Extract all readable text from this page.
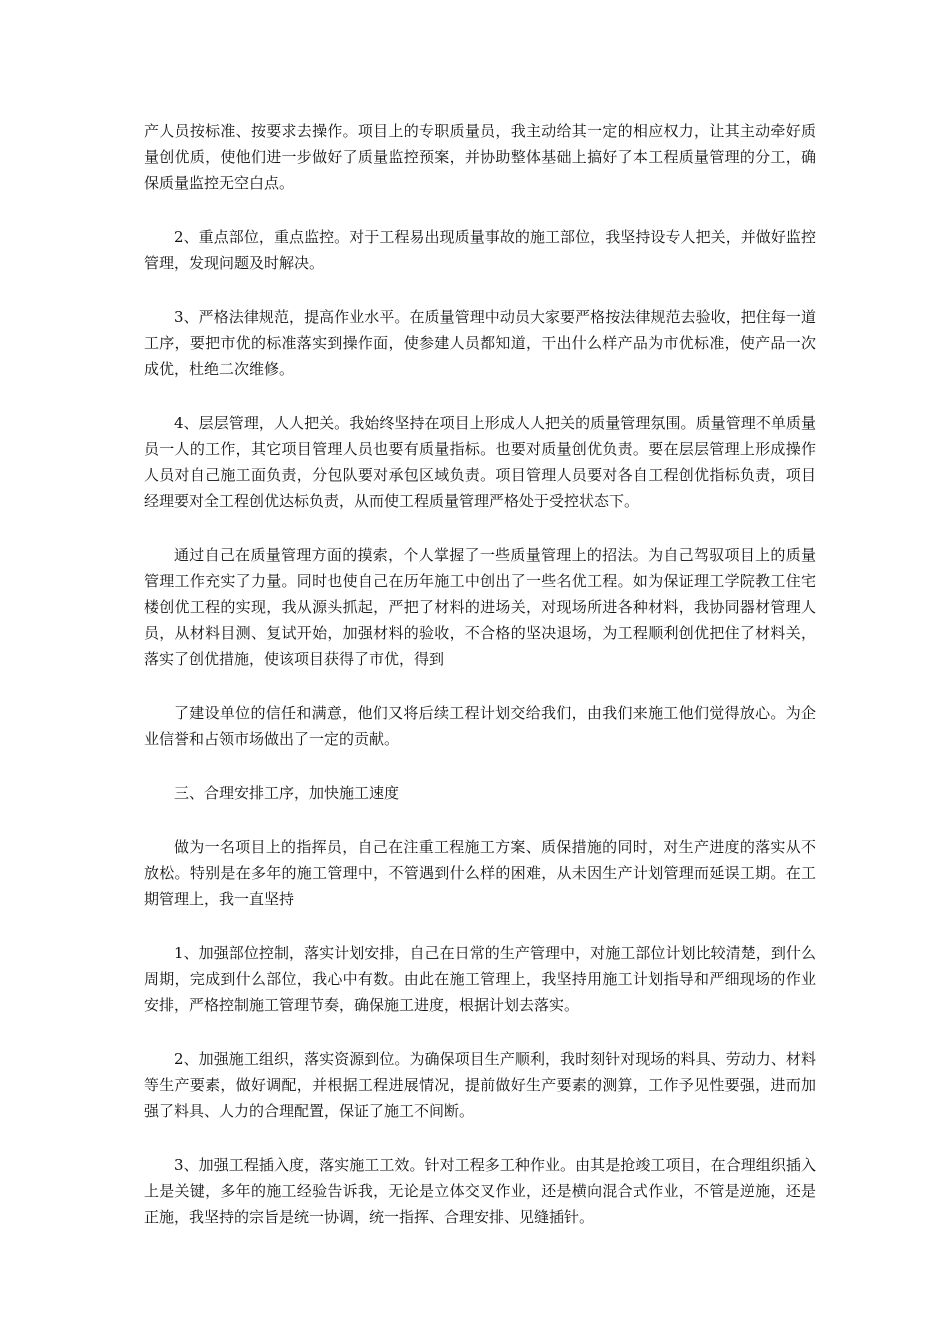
产人员按标准、按要求去操作。项目上的专职质量员，我主动给其一定的相应权力，让其主动牵好质量创优质，使他们进一步做好了质量监控预案，并协助整体基础上搞好了本工程质量管理的分工，确保质量监控无空白点。

2、重点部位，重点监控。对于工程易出现质量事故的施工部位，我坚持设专人把关，并做好监控管理，发现问题及时解决。

3、严格法律规范，提高作业水平。在质量管理中动员大家要严格按法律规范去验收，把住每一道工序，要把市优的标准落实到操作面，使参建人员都知道，干出什么样产品为市优标准，使产品一次成优，杜绝二次维修。

4、层层管理，人人把关。我始终坚持在项目上形成人人把关的质量管理氛围。质量管理不单质量员一人的工作，其它项目管理人员也要有质量指标。也要对质量创优负责。要在层层管理上形成操作人员对自己施工面负责，分包队要对承包区域负责。项目管理人员要对各自工程创优指标负责，项目经理要对全工程创优达标负责，从而使工程质量管理严格处于受控状态下。

通过自己在质量管理方面的摸索，个人掌握了一些质量管理上的招法。为自己驾驭项目上的质量管理工作充实了力量。同时也使自己在历年施工中创出了一些名优工程。如为保证理工学院教工住宅楼创优工程的实现，我从源头抓起，严把了材料的进场关，对现场所进各种材料，我协同器材管理人员，从材料目测、复试开始，加强材料的验收，不合格的坚决退场，为工程顺利创优把住了材料关，落实了创优措施，使该项目获得了市优，得到

了建设单位的信任和满意，他们又将后续工程计划交给我们，由我们来施工他们觉得放心。为企业信誉和占领市场做出了一定的贡献。

三、合理安排工序，加快施工速度

做为一名项目上的指挥员，自己在注重工程施工方案、质保措施的同时，对生产进度的落实从不放松。特别是在多年的施工管理中，不管遇到什么样的困难，从未因生产计划管理而延误工期。在工期管理上，我一直坚持

1、加强部位控制，落实计划安排，自己在日常的生产管理中，对施工部位计划比较清楚，到什么周期，完成到什么部位，我心中有数。由此在施工管理上，我坚持用施工计划指导和严细现场的作业安排，严格控制施工管理节奏，确保施工进度，根据计划去落实。

2、加强施工组织，落实资源到位。为确保项目生产顺利，我时刻针对现场的料具、劳动力、材料等生产要素，做好调配，并根据工程进展情况，提前做好生产要素的测算，工作予见性要强，进而加强了料具、人力的合理配置，保证了施工不间断。

3、加强工程插入度，落实施工工效。针对工程多工种作业。由其是抢竣工项目，在合理组织插入上是关键，多年的施工经验告诉我，无论是立体交叉作业，还是横向混合式作业，不管是逆施，还是正施，我坚持的宗旨是统一协调，统一指挥、合理安排、见缝插针。
